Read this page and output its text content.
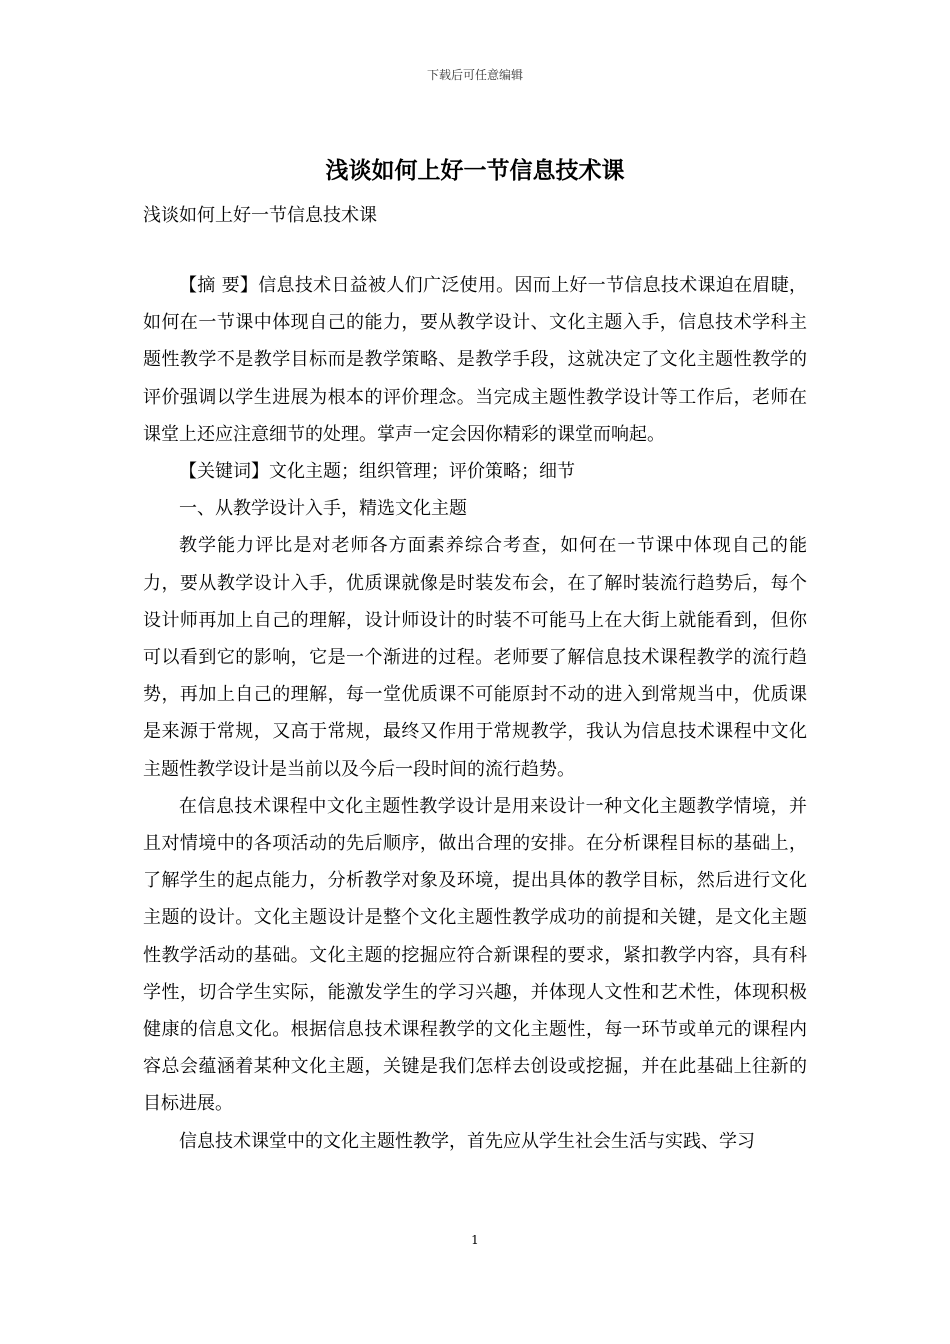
下载后可任意编辑
浅谈如何上好一节信息技术课
浅谈如何上好一节信息技术课

【摘 要】信息技术日益被人们广泛使用。因而上好一节信息技术课迫在眉睫，如何在一节课中体现自己的能力，要从教学设计、文化主题入手，信息技术学科主题性教学不是教学目标而是教学策略、是教学手段，这就决定了文化主题性教学的评价强调以学生进展为根本的评价理念。当完成主题性教学设计等工作后，老师在课堂上还应注意细节的处理。掌声一定会因你精彩的课堂而响起。

【关键词】文化主题；组织管理；评价策略；细节

一、从教学设计入手，精选文化主题

教学能力评比是对老师各方面素养综合考查，如何在一节课中体现自己的能力，要从教学设计入手，优质课就像是时装发布会，在了解时装流行趋势后，每个设计师再加上自己的理解，设计师设计的时装不可能马上在大街上就能看到，但你可以看到它的影响，它是一个渐进的过程。老师要了解信息技术课程教学的流行趋势，再加上自己的理解，每一堂优质课不可能原封不动的进入到常规当中，优质课是来源于常规，又高于常规，最终又作用于常规教学，我认为信息技术课程中文化主题性教学设计是当前以及今后一段时间的流行趋势。

在信息技术课程中文化主题性教学设计是用来设计一种文化主题教学情境，并且对情境中的各项活动的先后顺序，做出合理的安排。在分析课程目标的基础上，了解学生的起点能力，分析教学对象及环境，提出具体的教学目标，然后进行文化主题的设计。文化主题设计是整个文化主题性教学成功的前提和关键，是文化主题性教学活动的基础。文化主题的挖掘应符合新课程的要求，紧扣教学内容，具有科学性，切合学生实际，能激发学生的学习兴趣，并体现人文性和艺术性，体现积极健康的信息文化。根据信息技术课程教学的文化主题性，每一环节或单元的课程内容总会蕴涵着某种文化主题，关键是我们怎样去创设或挖掘，并在此基础上往新的目标进展。

信息技术课堂中的文化主题性教学，首先应从学生社会生活与实践、学习

1
